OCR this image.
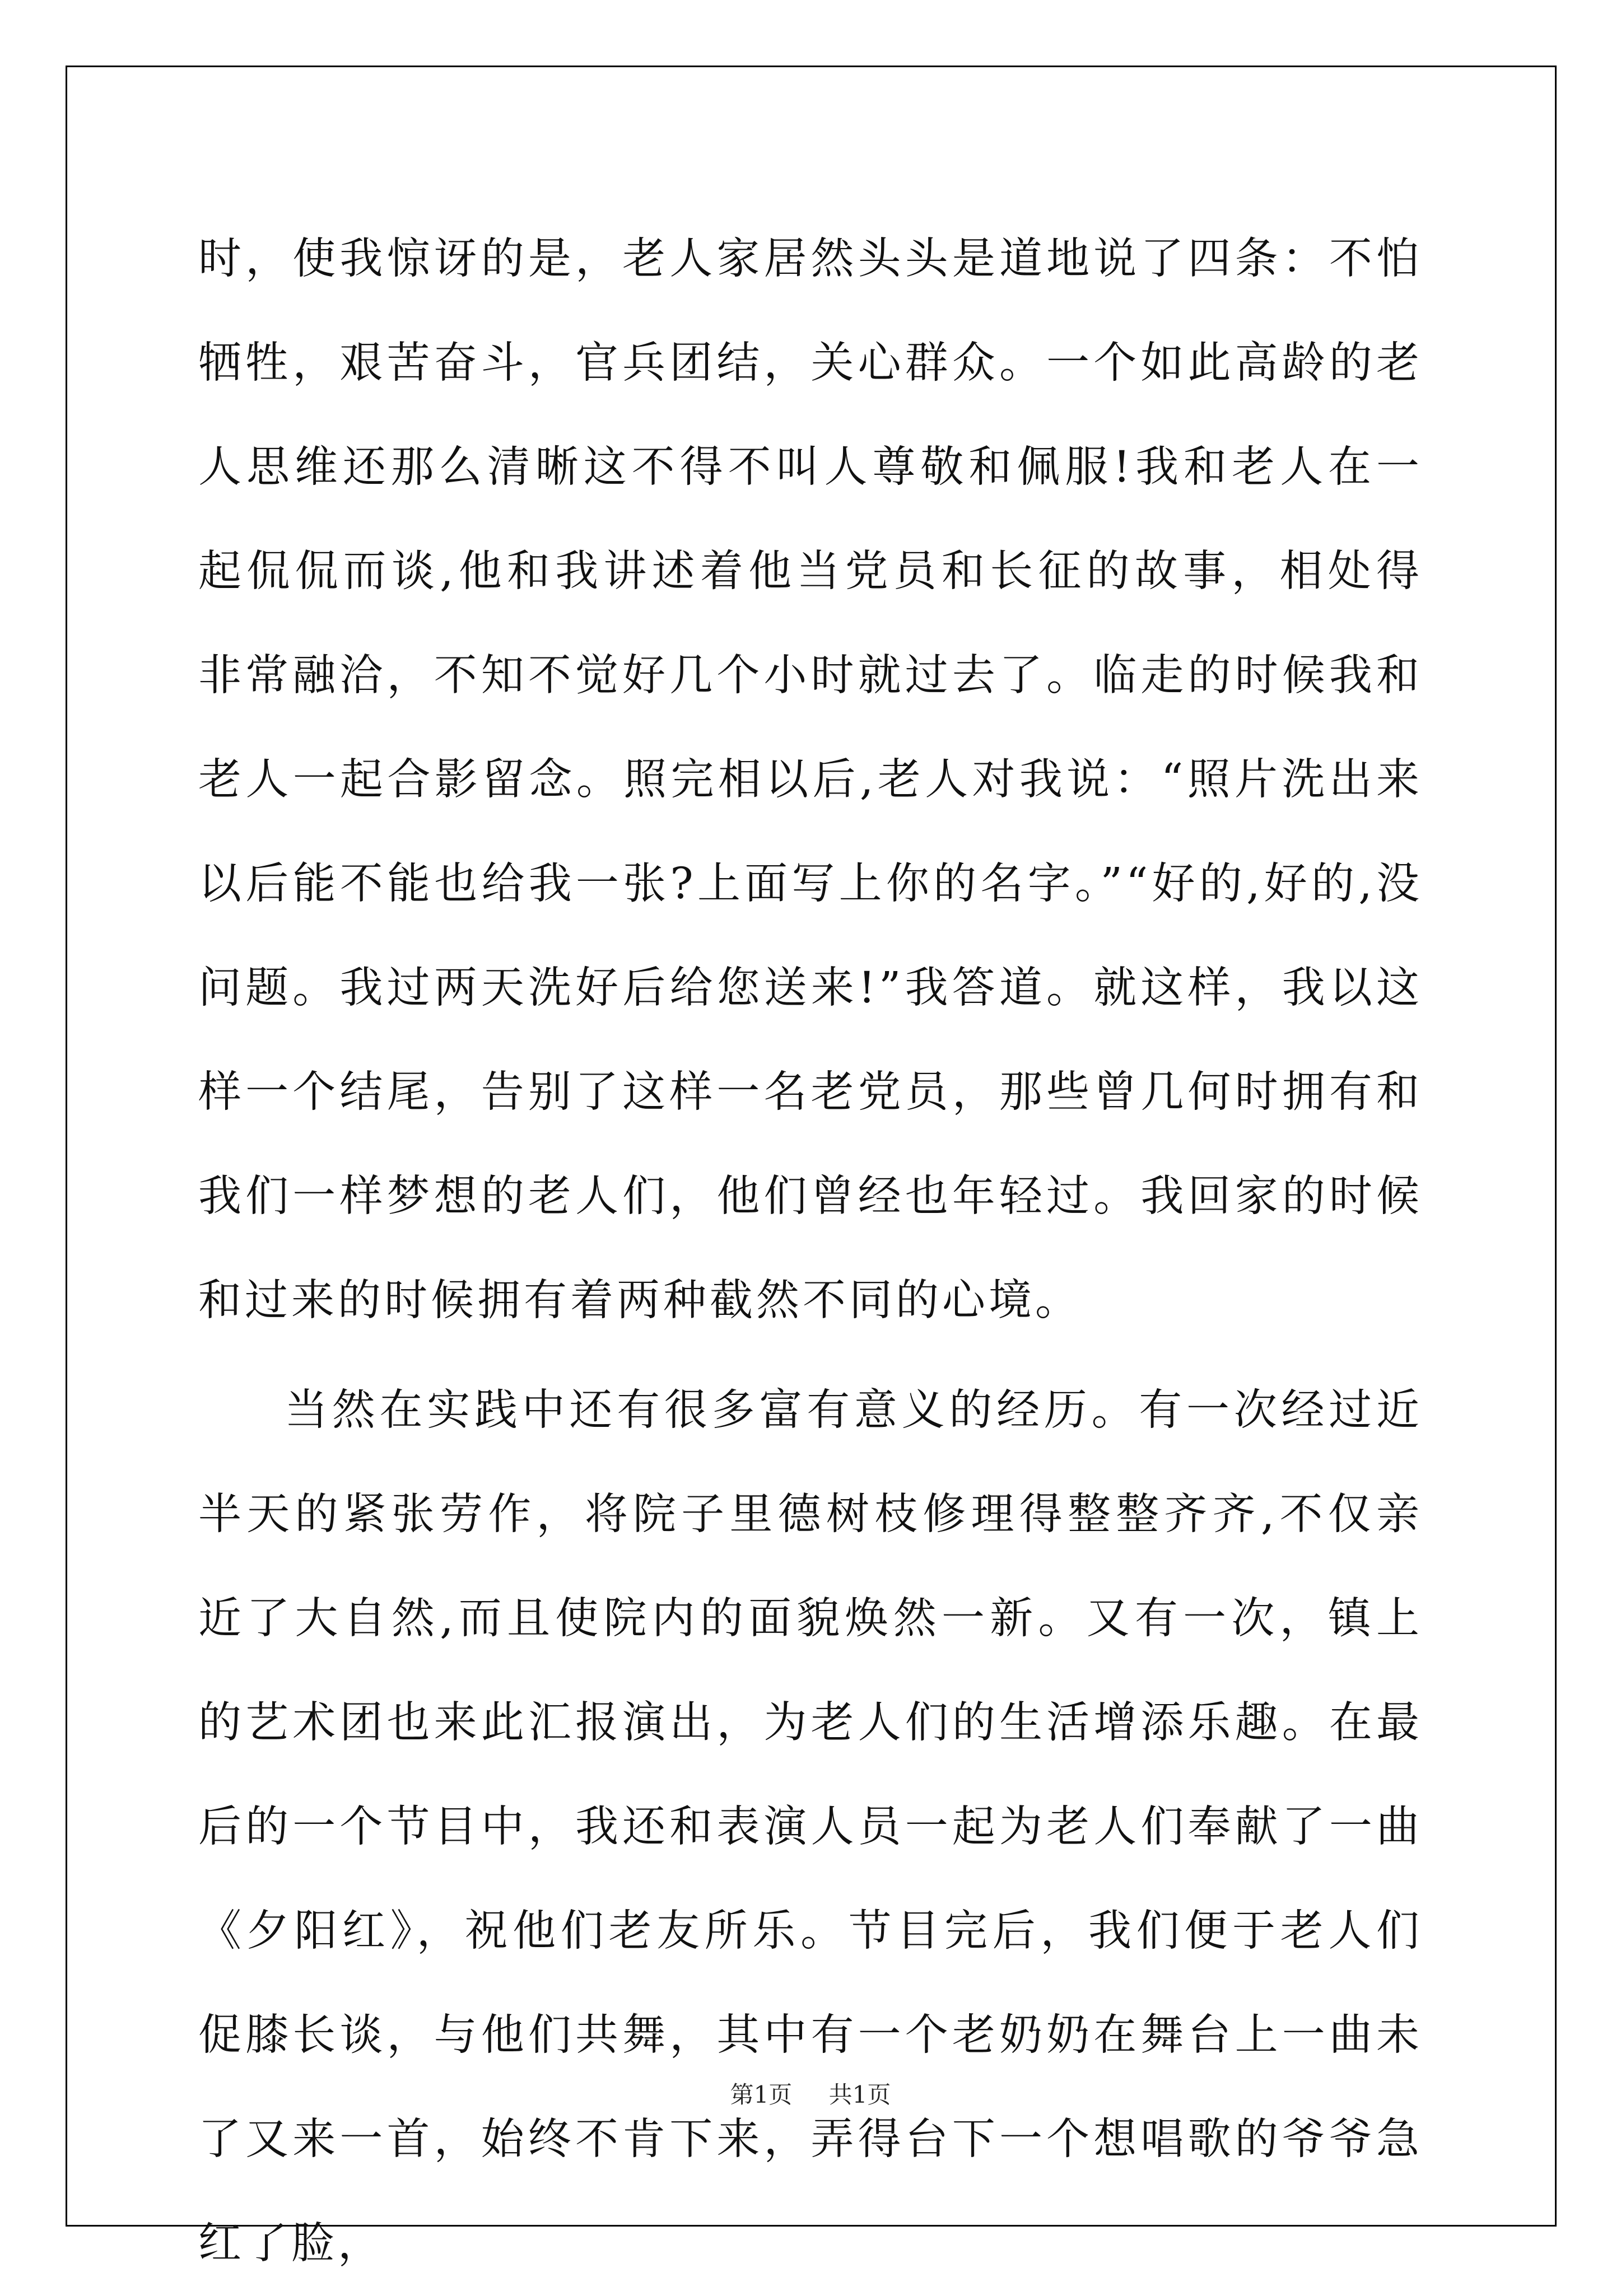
时，使我惊讶的是，老人家居然头头是道地说了四条：不怕牺牲，艰苦奋斗，官兵团结，关心群众。一个如此高龄的老人思维还那么清晰这不得不叫人尊敬和佩服!我和老人在一起侃侃而谈,他和我讲述着他当党员和长征的故事，相处得非常融洽，不知不觉好几个小时就过去了。临走的时候我和老人一起合影留念。照完相以后,老人对我说：“照片洗出来以后能不能也给我一张?上面写上你的名字。”“好的,好的,没问题。我过两天洗好后给您送来!”我答道。就这样，我以这样一个结尾，告别了这样一名老党员，那些曾几何时拥有和我们一样梦想的老人们，他们曾经也年轻过。我回家的时候和过来的时候拥有着两种截然不同的心境。

当然在实践中还有很多富有意义的经历。有一次经过近半天的紧张劳作，将院子里德树枝修理得整整齐齐,不仅亲近了大自然,而且使院内的面貌焕然一新。又有一次，镇上的艺术团也来此汇报演出，为老人们的生活增添乐趣。在最后的一个节目中，我还和表演人员一起为老人们奉献了一曲《夕阳红》，祝他们老友所乐。节目完后，我们便于老人们促膝长谈，与他们共舞，其中有一个老奶奶在舞台上一曲未了又来一首，始终不肯下来，弄得台下一个想唱歌的爷爷急红了脸，

第1页 共1页
